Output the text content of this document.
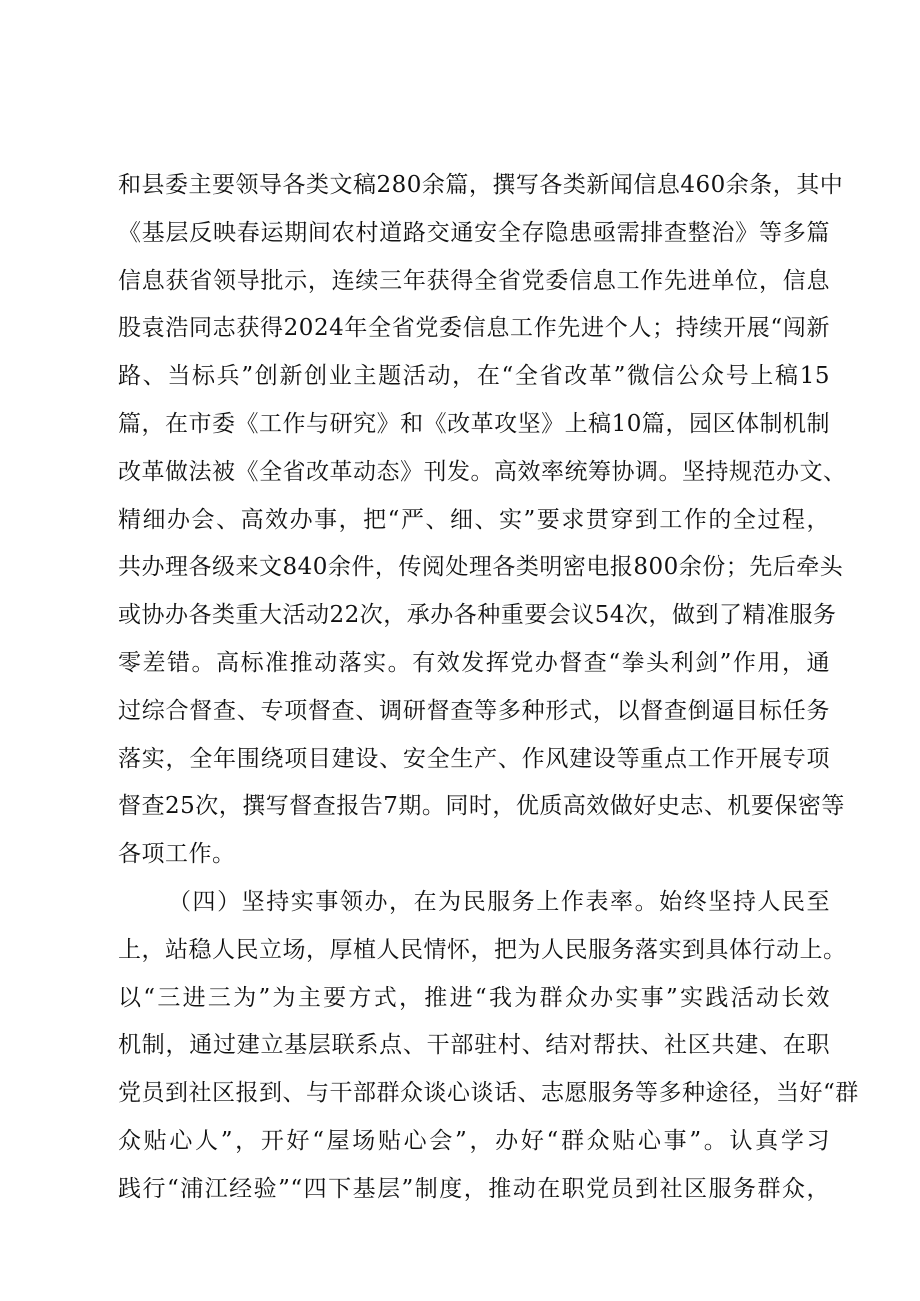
和县委主要领导各类文稿280余篇，撰写各类新闻信息460余条，其中
《基层反映春运期间农村道路交通安全存隐患亟需排查整治》等多篇
信息获省领导批示，连续三年获得全省党委信息工作先进单位，信息
股袁浩同志获得2024年全省党委信息工作先进个人；持续开展“闯新
路、当标兵”创新创业主题活动，在“全省改革”微信公众号上稿15
篇，在市委《工作与研究》和《改革攻坚》上稿10篇，园区体制机制
改革做法被《全省改革动态》刊发。高效率统筹协调。坚持规范办文、
精细办会、高效办事，把“严、细、实”要求贯穿到工作的全过程，
共办理各级来文840余件，传阅处理各类明密电报800余份；先后牵头
或协办各类重大活动22次，承办各种重要会议54次，做到了精准服务
零差错。高标准推动落实。有效发挥党办督查“拳头利剑”作用，通
过综合督查、专项督查、调研督查等多种形式，以督查倒逼目标任务
落实，全年围绕项目建设、安全生产、作风建设等重点工作开展专项
督查25次，撰写督查报告7期。同时，优质高效做好史志、机要保密等
各项工作。
（四）坚持实事领办，在为民服务上作表率。始终坚持人民至
上，站稳人民立场，厚植人民情怀，把为人民服务落实到具体行动上。
以“三进三为”为主要方式，推进“我为群众办实事”实践活动长效
机制，通过建立基层联系点、干部驻村、结对帮扶、社区共建、在职
党员到社区报到、与干部群众谈心谈话、志愿服务等多种途径，当好“群
众贴心人”，开好“屋场贴心会”，办好“群众贴心事”。认真学习
践行“浦江经验”“四下基层”制度，推动在职党员到社区服务群众，
